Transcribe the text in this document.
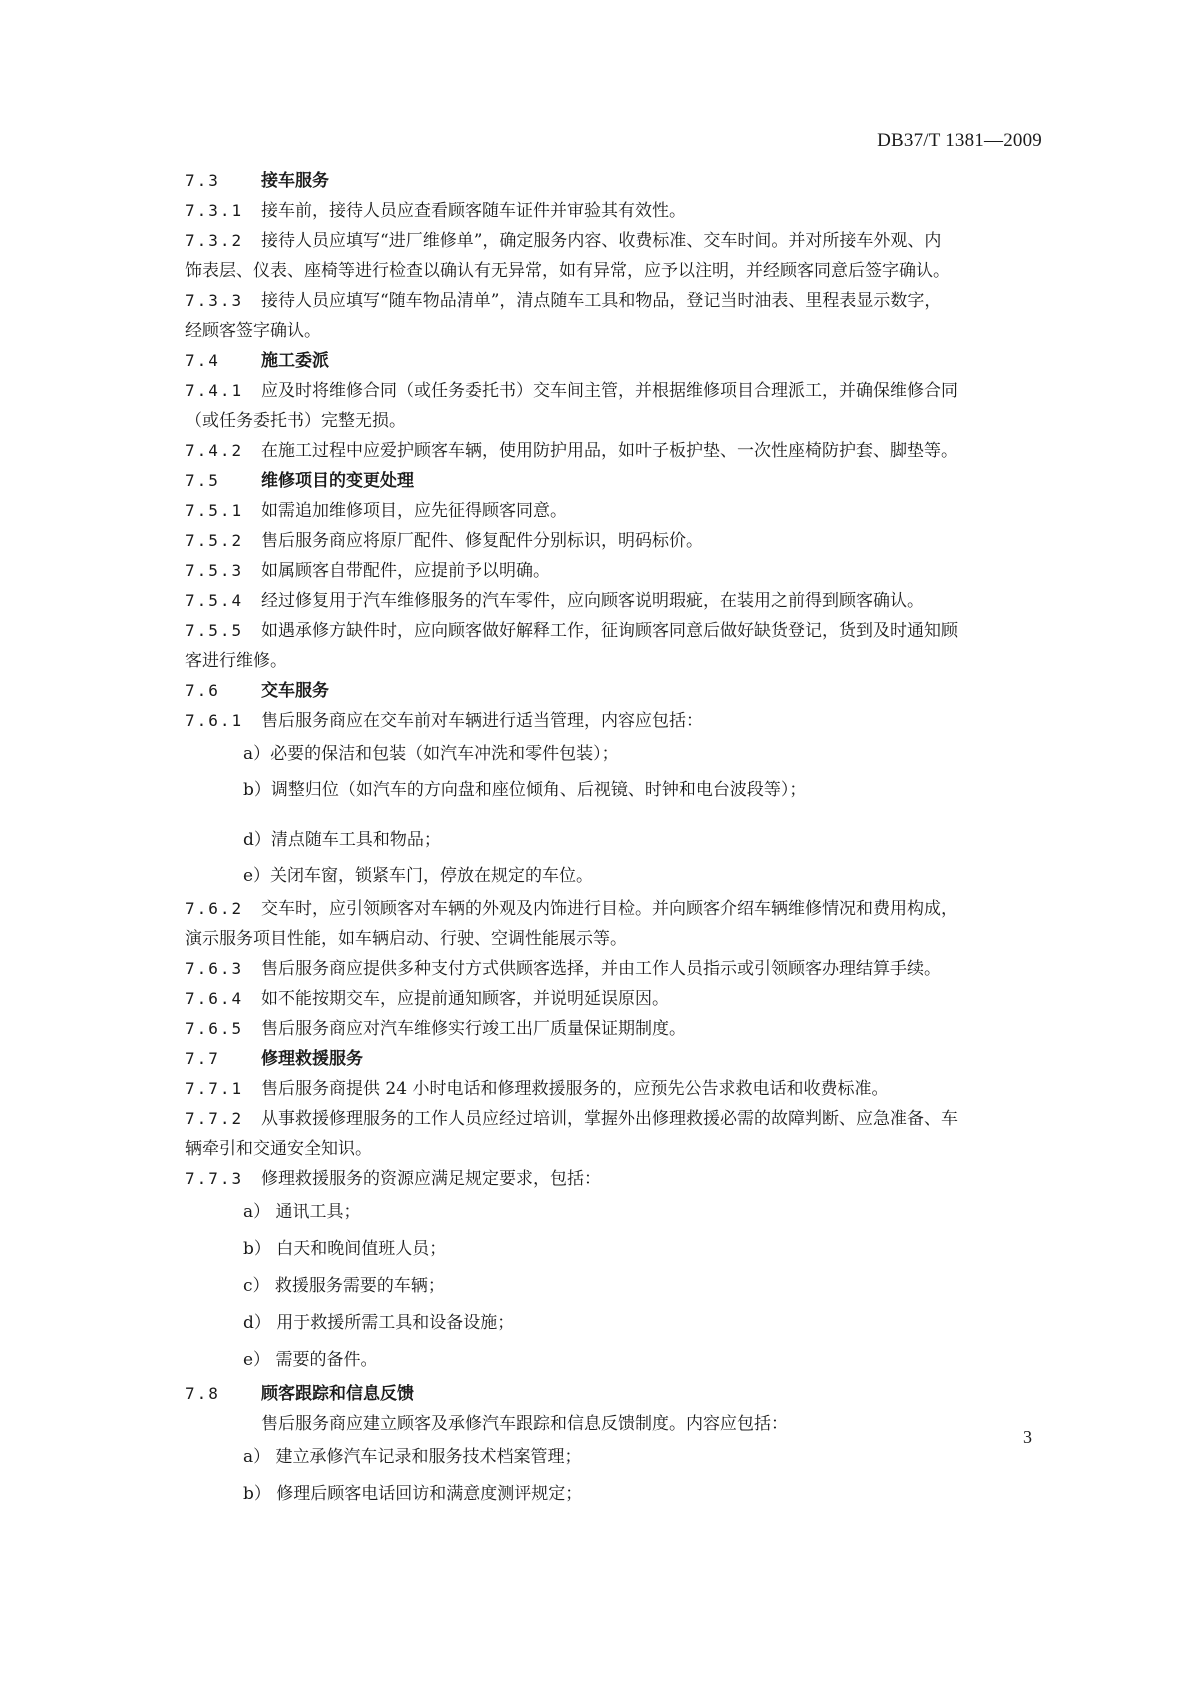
DB37/T 1381—2009
7.3	接车服务
7.3.1	接车前，接待人员应查看顾客随车证件并审验其有效性。
7.3.2	接待人员应填写“进厂维修单”，确定服务内容、收费标准、交车时间。并对所接车外观、内
饰表层、仪表、座椅等进行检查以确认有无异常，如有异常，应予以注明，并经顾客同意后签字确认。
7.3.3	接待人员应填写“随车物品清单”，清点随车工具和物品，登记当时油表、里程表显示数字，
经顾客签字确认。
7.4	施工委派
7.4.1	应及时将维修合同（或任务委托书）交车间主管，并根据维修项目合理派工，并确保维修合同
（或任务委托书）完整无损。
7.4.2	在施工过程中应爱护顾客车辆，使用防护用品，如叶子板护垫、一次性座椅防护套、脚垫等。
7.5	维修项目的变更处理
7.5.1	如需追加维修项目，应先征得顾客同意。
7.5.2	售后服务商应将原厂配件、修复配件分别标识，明码标价。
7.5.3	如属顾客自带配件，应提前予以明确。
7.5.4	经过修复用于汽车维修服务的汽车零件，应向顾客说明瑕疵，在装用之前得到顾客确认。
7.5.5	如遇承修方缺件时，应向顾客做好解释工作，征询顾客同意后做好缺货登记，货到及时通知顾
客进行维修。
7.6	交车服务
7.6.1	售后服务商应在交车前对车辆进行适当管理，内容应包括：
a）必要的保洁和包装（如汽车冲洗和零件包装）；
b）调整归位（如汽车的方向盘和座位倾角、后视镜、时钟和电台波段等）；
d）清点随车工具和物品；
e）关闭车窗，锁紧车门，停放在规定的车位。
7.6.2	交车时，应引领顾客对车辆的外观及内饰进行目检。并向顾客介绍车辆维修情况和费用构成，
演示服务项目性能，如车辆启动、行驶、空调性能展示等。
7.6.3	售后服务商应提供多种支付方式供顾客选择，并由工作人员指示或引领顾客办理结算手续。
7.6.4	如不能按期交车，应提前通知顾客，并说明延误原因。
7.6.5	售后服务商应对汽车维修实行竣工出厂质量保证期制度。
7.7	修理救援服务
7.7.1	售后服务商提供 24 小时电话和修理救援服务的，应预先公告求救电话和收费标准。
7.7.2	从事救援修理服务的工作人员应经过培训，掌握外出修理救援必需的故障判断、应急准备、车
辆牵引和交通安全知识。
7.7.3	修理救援服务的资源应满足规定要求，包括：
a） 通讯工具；
b） 白天和晚间值班人员；
c） 救援服务需要的车辆；
d） 用于救援所需工具和设备设施；
e） 需要的备件。
7.8	顾客跟踪和信息反馈
售后服务商应建立顾客及承修汽车跟踪和信息反馈制度。内容应包括：
a） 建立承修汽车记录和服务技术档案管理；
b） 修理后顾客电话回访和满意度测评规定；
3
